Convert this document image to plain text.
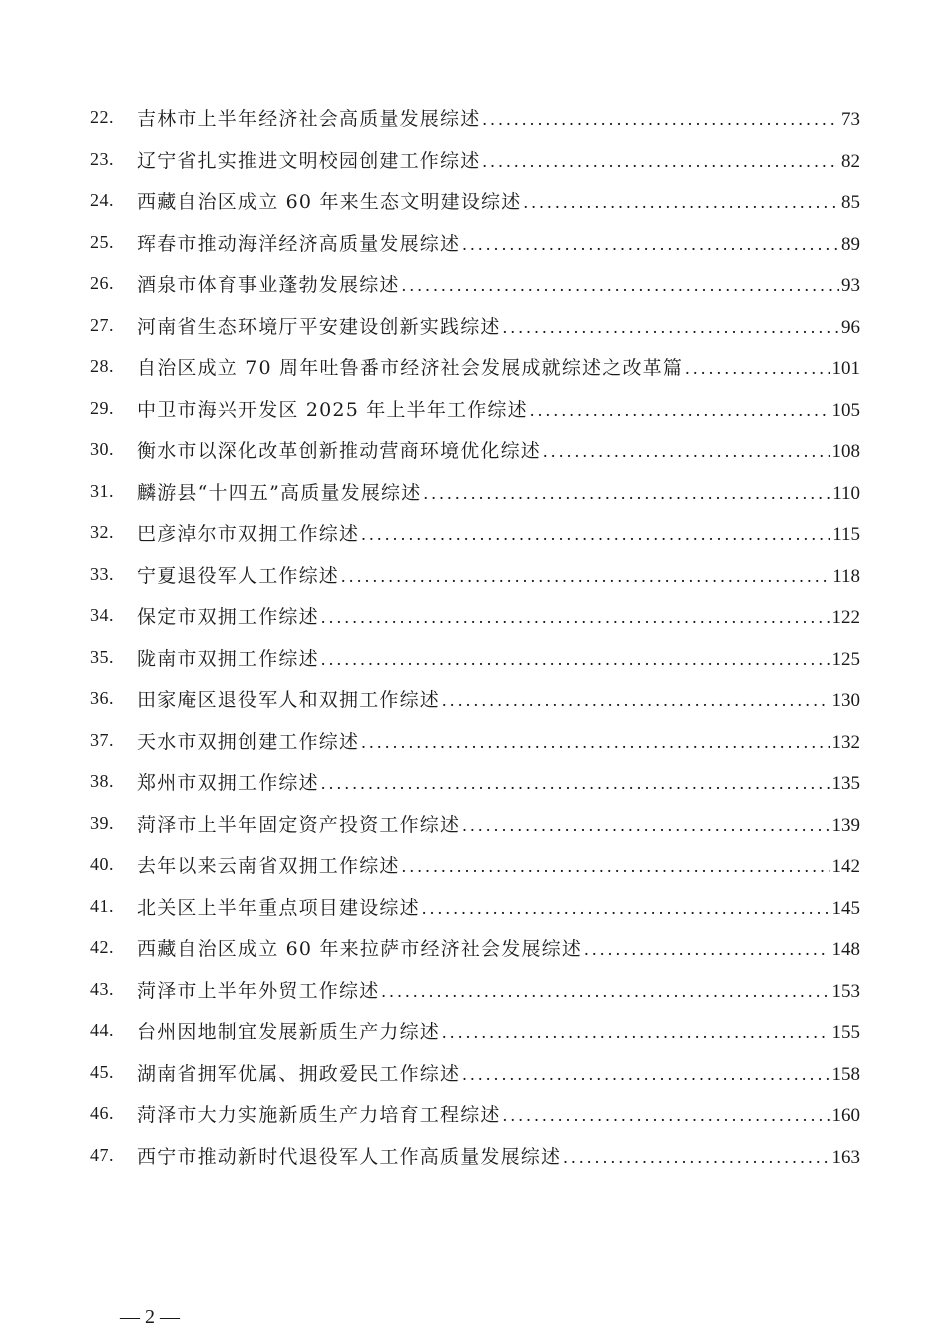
22.	吉林市上半年经济社会高质量发展综述 .....	73
23.	辽宁省扎实推进文明校园创建工作综述 .....	82
24.	西藏自治区成立 60 年来生态文明建设综述 .....	85
25.	珲春市推动海洋经济高质量发展综述 .....	89
26.	酒泉市体育事业蓬勃发展综述 .....	93
27.	河南省生态环境厅平安建设创新实践综述 .....	96
28.	自治区成立 70 周年吐鲁番市经济社会发展成就综述之改革篇 .....	101
29.	中卫市海兴开发区 2025 年上半年工作综述 .....	105
30.	衡水市以深化改革创新推动营商环境优化综述 .....	108
31.	麟游县“十四五”高质量发展综述 .....	110
32.	巴彦淖尔市双拥工作综述 .....	115
33.	宁夏退役军人工作综述 .....	118
34.	保定市双拥工作综述 .....	122
35.	陇南市双拥工作综述 .....	125
36.	田家庵区退役军人和双拥工作综述 .....	130
37.	天水市双拥创建工作综述 .....	132
38.	郑州市双拥工作综述 .....	135
39.	菏泽市上半年固定资产投资工作综述 .....	139
40.	去年以来云南省双拥工作综述 .....	142
41.	北关区上半年重点项目建设综述 .....	145
42.	西藏自治区成立 60 年来拉萨市经济社会发展综述 .....	148
43.	菏泽市上半年外贸工作综述 .....	153
44.	台州因地制宜发展新质生产力综述 .....	155
45.	湖南省拥军优属、拥政爱民工作综述 .....	158
46.	菏泽市大力实施新质生产力培育工程综述 .....	160
47.	西宁市推动新时代退役军人工作高质量发展综述 .....	163
— 2 —
